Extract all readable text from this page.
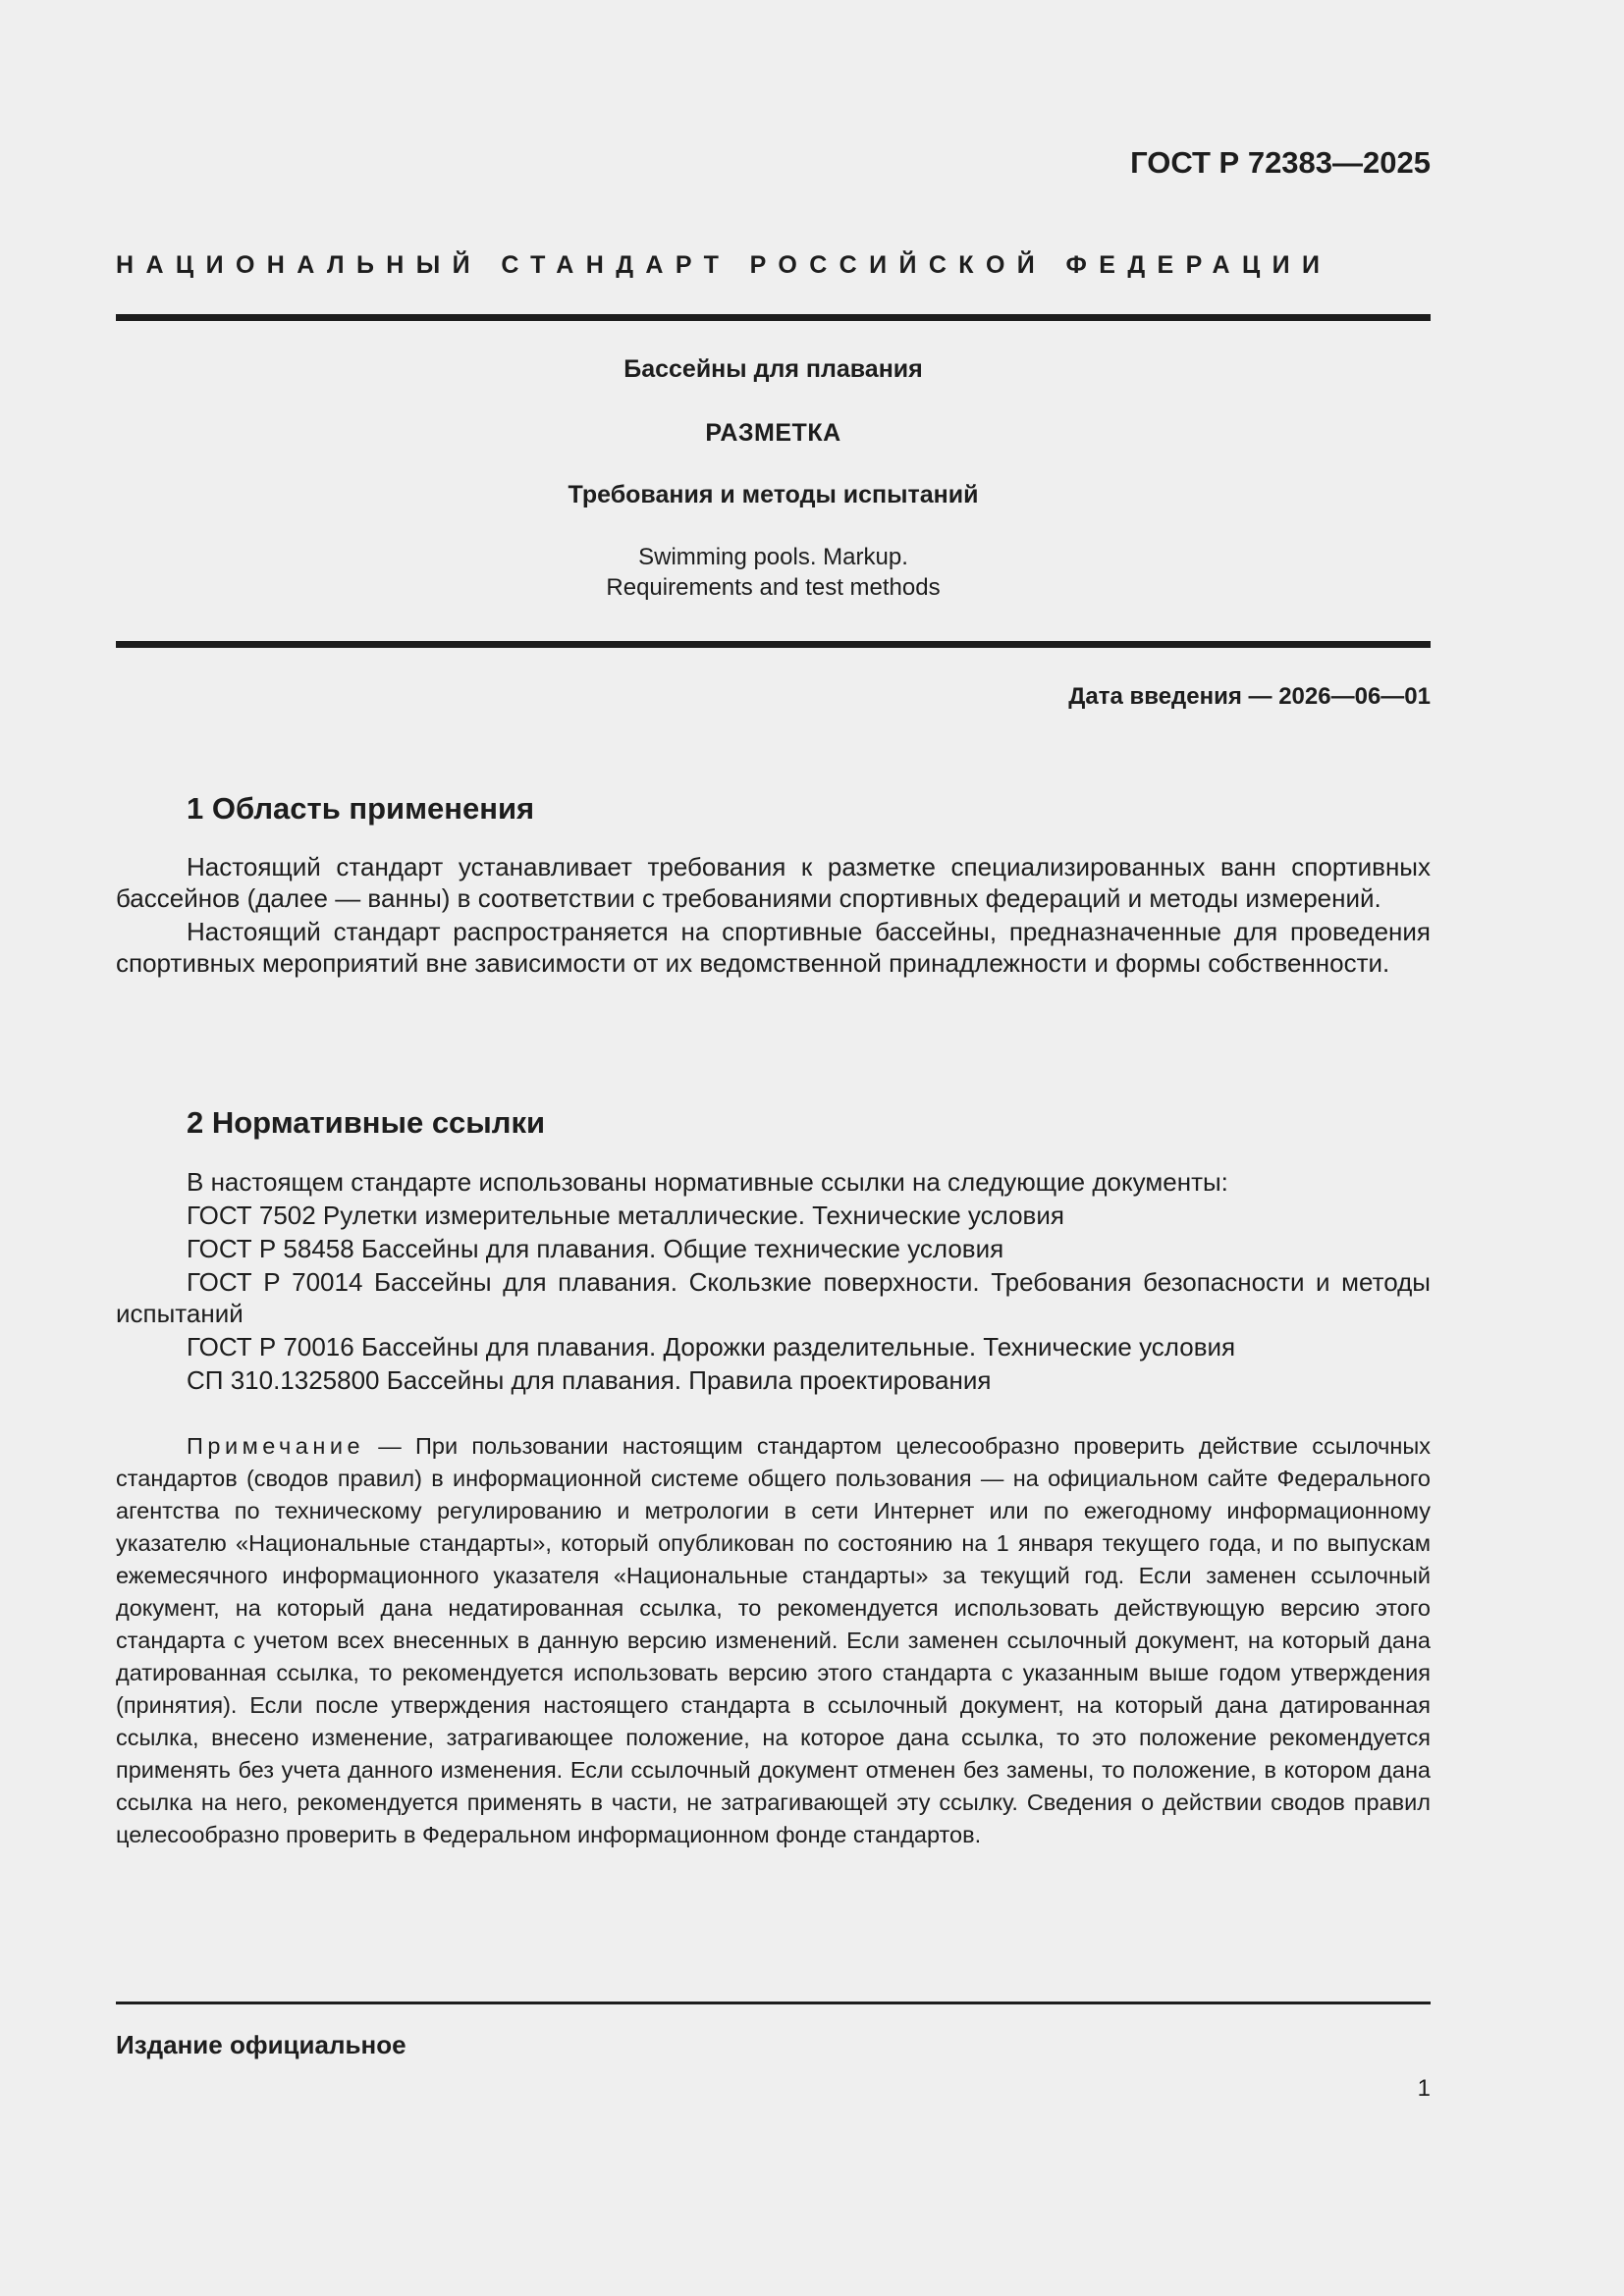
ГОСТ Р 72383—2025
НАЦИОНАЛЬНЫЙ СТАНДАРТ РОССИЙСКОЙ ФЕДЕРАЦИИ
Бассейны для плавания
РАЗМЕТКА
Требования и методы испытаний
Swimming pools. Markup.
Requirements and test methods
Дата введения — 2026—06—01
1 Область применения

Настоящий стандарт устанавливает требования к разметке специализированных ванн спортивных бассейнов (далее — ванны) в соответствии с требованиями спортивных федераций и методы измерений.

Настоящий стандарт распространяется на спортивные бассейны, предназначенные для проведения спортивных мероприятий вне зависимости от их ведомственной принадлежности и формы собственности.

2 Нормативные ссылки

В настоящем стандарте использованы нормативные ссылки на следующие документы:

ГОСТ 7502 Рулетки измерительные металлические. Технические условия

ГОСТ Р 58458 Бассейны для плавания. Общие технические условия

ГОСТ Р 70014 Бассейны для плавания. Скользкие поверхности. Требования безопасности и методы испытаний

ГОСТ Р 70016 Бассейны для плавания. Дорожки разделительные. Технические условия

СП 310.1325800 Бассейны для плавания. Правила проектирования

Примечание — При пользовании настоящим стандартом целесообразно проверить действие ссылочных стандартов (сводов правил) в информационной системе общего пользования — на официальном сайте Федерального агентства по техническому регулированию и метрологии в сети Интернет или по ежегодному информационному указателю «Национальные стандарты», который опубликован по состоянию на 1 января текущего года, и по выпускам ежемесячного информационного указателя «Национальные стандарты» за текущий год. Если заменен ссылочный документ, на который дана недатированная ссылка, то рекомендуется использовать действующую версию этого стандарта с учетом всех внесенных в данную версию изменений. Если заменен ссылочный документ, на который дана датированная ссылка, то рекомендуется использовать версию этого стандарта с указанным выше годом утверждения (принятия). Если после утверждения настоящего стандарта в ссылочный документ, на который дана датированная ссылка, внесено изменение, затрагивающее положение, на которое дана ссылка, то это положение рекомендуется применять без учета данного изменения. Если ссылочный документ отменен без замены, то положение, в котором дана ссылка на него, рекомендуется применять в части, не затрагивающей эту ссылку. Сведения о действии сводов правил целесообразно проверить в Федеральном информационном фонде стандартов.

Издание официальное
1
